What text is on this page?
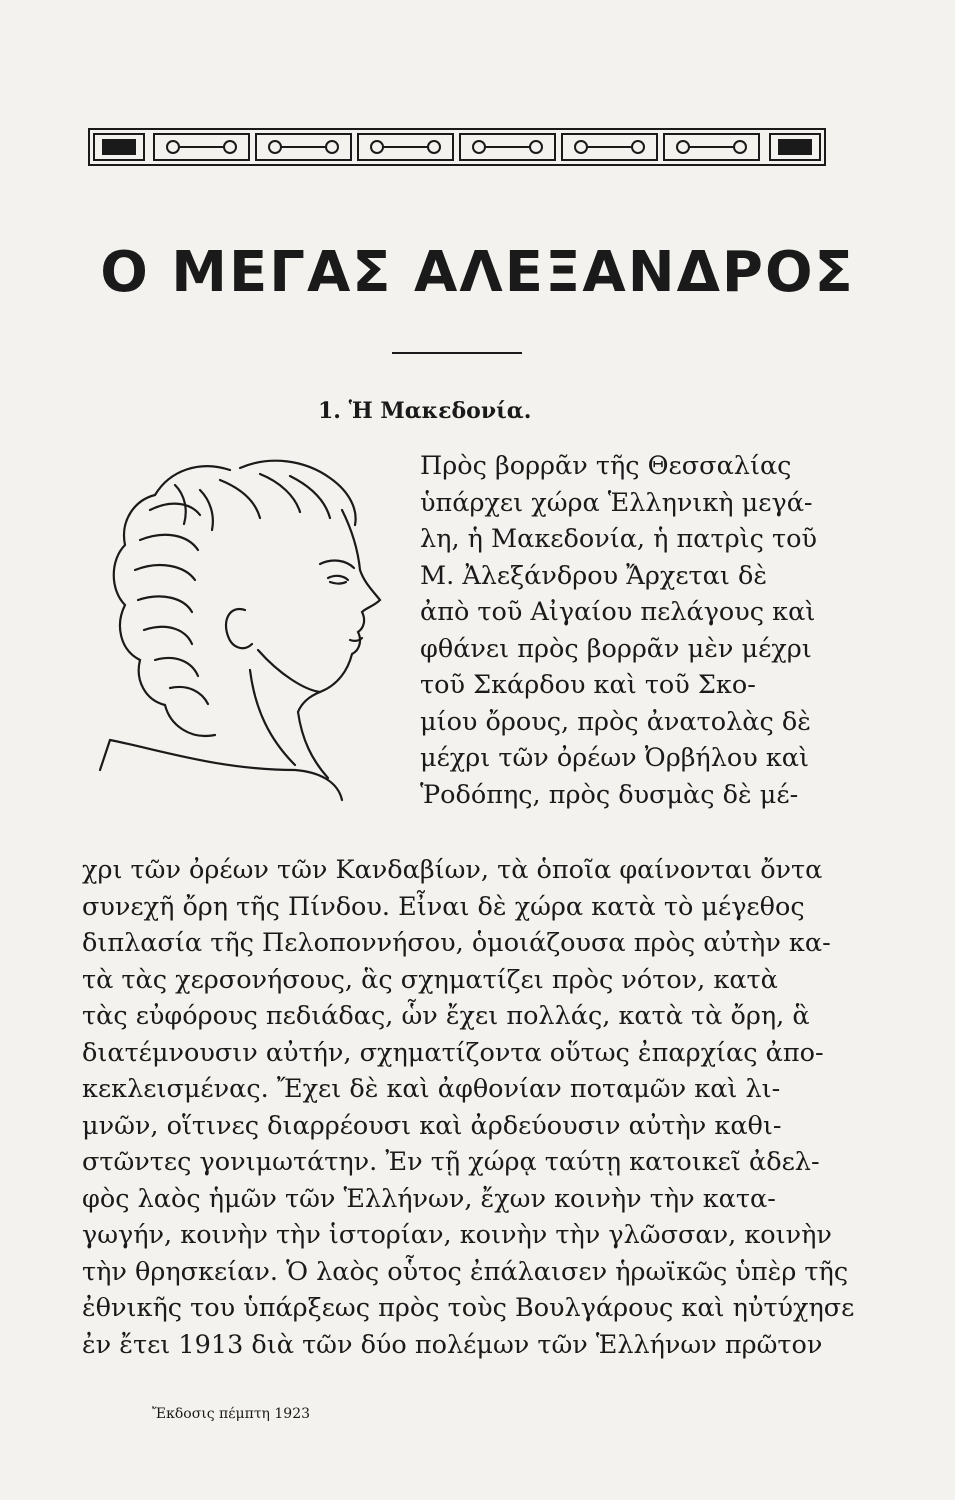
Ο ΜΕΓΑΣ ΑΛΕΞΑΝΔΡΟΣ
1. Ἡ Μακεδονία.
Πρὸς βορρᾶν τῆς Θεσσαλίας
ὑπάρχει χώρα Ἑλληνικὴ μεγά-
λη, ἡ Μακεδονία, ἡ πατρὶς τοῦ
Μ. Ἀλεξάνδρου Ἄρχεται δὲ
ἀπὸ τοῦ Αἰγαίου πελάγους καὶ
φθάνει πρὸς βορρᾶν μὲν μέχρι
τοῦ Σκάρδου καὶ τοῦ Σκο-
μίου ὄρους, πρὸς ἀνατολὰς δὲ
μέχρι τῶν ὀρέων Ὀρβήλου καὶ
Ῥοδόπης, πρὸς δυσμὰς δὲ μέ-
χρι τῶν ὀρέων τῶν Κανδαβίων, τὰ ὁποῖα φαίνονται ὄντα
συνεχῆ ὄρη τῆς Πίνδου. Εἶναι δὲ χώρα κατὰ τὸ μέγεθος
διπλασία τῆς Πελοποννήσου, ὁμοιάζουσα πρὸς αὐτὴν κα-
τὰ τὰς χερσονήσους, ἃς σχηματίζει πρὸς νότον, κατὰ
τὰς εὐφόρους πεδιάδας, ὧν ἔχει πολλάς, κατὰ τὰ ὄρη, ἃ
διατέμνουσιν αὐτήν, σχηματίζοντα οὕτως ἐπαρχίας ἀπο-
κεκλεισμένας. Ἔχει δὲ καὶ ἀφθονίαν ποταμῶν καὶ λι-
μνῶν, οἵτινες διαρρέουσι καὶ ἀρδεύουσιν αὐτὴν καθι-
στῶντες γονιμωτάτην. Ἐν τῇ χώρᾳ ταύτῃ κατοικεῖ ἀδελ-
φὸς λαὸς ἡμῶν τῶν Ἑλλήνων, ἔχων κοινὴν τὴν κατα-
γωγήν, κοινὴν τὴν ἱστορίαν, κοινὴν τὴν γλῶσσαν, κοινὴν
τὴν θρησκείαν. Ὁ λαὸς οὗτος ἐπάλαισεν ἡρωϊκῶς ὑπὲρ τῆς
ἐθνικῆς του ὑπάρξεως πρὸς τοὺς Βουλγάρους καὶ ηὐτύχησε
ἐν ἔτει 1913 διὰ τῶν δύο πολέμων τῶν Ἑλλήνων πρῶτον
Ἔκδοσις πέμπτη 1923
